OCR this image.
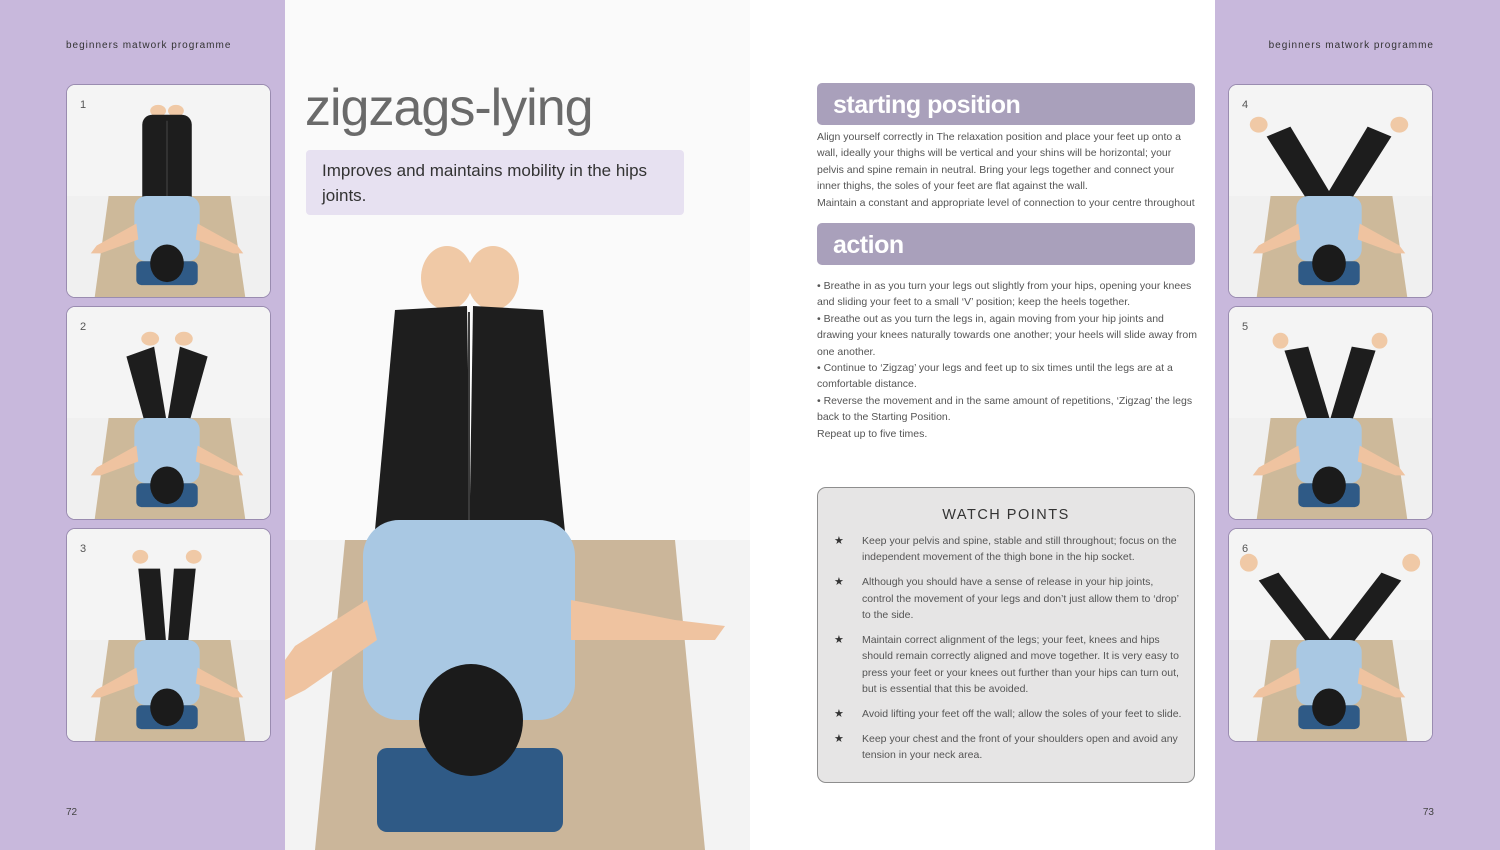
beginners matwork programme
1
2
3
72
zigzags-lying
Improves and maintains mobility in the hips joints.
starting position

Align yourself correctly in The relaxation position and place your feet up onto a wall, ideally your thighs will be vertical and your shins will be horizontal; your pelvis and spine remain in neutral. Bring your legs together and connect your inner thighs, the soles of your feet are flat against the wall.

Maintain a constant and appropriate level of connection to your centre throughout

action

• Breathe in as you turn your legs out slightly from your hips, opening your knees and sliding your feet to a small ‘V’ position; keep the heels together.

• Breathe out as you turn the legs in, again moving from your hip joints and drawing your knees naturally towards one another; your heels will slide away from one another.

• Continue to ‘Zigzag’ your legs and feet up to six times until the legs are at a comfortable distance.

• Reverse the movement and in the same amount of repetitions, ‘Zigzag’ the legs back to the Starting Position.

Repeat up to five times.

WATCH POINTS
★	Keep your pelvis and spine, stable and still throughout; focus on the independent movement of the thigh bone in the hip socket.
★	Although you should have a sense of release in your hip joints, control the movement of your legs and don’t just allow them to ‘drop’ to the side.
★	Maintain correct alignment of the legs; your feet, knees and hips should remain correctly aligned and move together. It is very easy to press your feet or your knees out further than your hips can turn out, but is essential that this be avoided.
★	Avoid lifting your feet off the wall; allow the soles of your feet to slide.
★	Keep your chest and the front of your shoulders open and avoid any tension in your neck area.
beginners matwork programme
4
5
6
73
